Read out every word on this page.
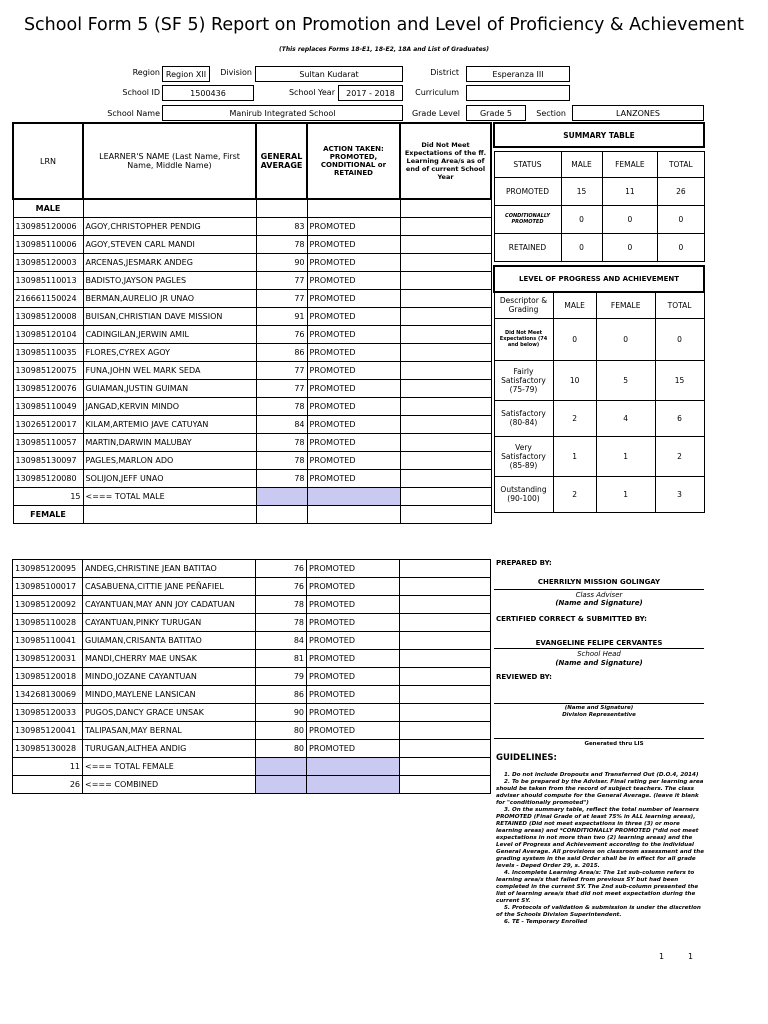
School Form 5 (SF 5) Report on Promotion and Level of Proficiency & Achievement
(This replaces Forms 18-E1, 18-E2, 18A and List of Graduates)
Region Region XII	Division	Sultan Kudarat	District	Esperanza III
School ID	1500436	School Year	2017 - 2018	Curriculum
School Name	Manirub Integrated School	Grade Level	Grade 5	Section	LANZONES
LRN	LEARNER'S NAME (Last Name, First Name, Middle Name)	GENERAL AVERAGE	ACTION TAKEN: PROMOTED, CONDITIONAL or RETAINED	Did Not Meet Expectations of the ff. Learning Area/s as of end of current School Year
MALE				
130985120006	AGOY,CHRISTOPHER PENDIG	83	PROMOTED	
130985110006	AGOY,STEVEN CARL MANDI	78	PROMOTED	
130985120003	ARCENAS,JESMARK ANDEG	90	PROMOTED	
130985110013	BADISTO,JAYSON PAGLES	77	PROMOTED	
216661150024	BERMAN,AURELIO JR UNAO	77	PROMOTED	
130985120008	BUISAN,CHRISTIAN DAVE MISSION	91	PROMOTED	
130985120104	CADINGILAN,JERWIN AMIL	76	PROMOTED	
130985110035	FLORES,CYREX AGOY	86	PROMOTED	
130985120075	FUNA,JOHN WEL MARK SEDA	77	PROMOTED	
130985120076	GUIAMAN,JUSTIN GUIMAN	77	PROMOTED	
130985110049	JANGAD,KERVIN MINDO	78	PROMOTED	
130265120017	KILAM,ARTEMIO JAVE CATUYAN	84	PROMOTED	
130985110057	MARTIN,DARWIN MALUBAY	78	PROMOTED	
130985130097	PAGLES,MARLON ADO	78	PROMOTED	
130985120080	SOLIJON,JEFF UNAO	78	PROMOTED	
15	<=== TOTAL MALE			
FEMALE				
130985120095	ANDEG,CHRISTINE JEAN BATITAO	76	PROMOTED	
130985100017	CASABUENA,CITTIE JANE PEÑAFIEL	76	PROMOTED	
130985120092	CAYANTUAN,MAY ANN JOY CADATUAN	78	PROMOTED	
130985110028	CAYANTUAN,PINKY TURUGAN	78	PROMOTED	
130985110041	GUIAMAN,CRISANTA BATITAO	84	PROMOTED	
130985120031	MANDI,CHERRY MAE UNSAK	81	PROMOTED	
130985120018	MINDO,JOZANE CAYANTUAN	79	PROMOTED	
134268130069	MINDO,MAYLENE LANSICAN	86	PROMOTED	
130985120033	PUGOS,DANCY GRACE UNSAK	90	PROMOTED	
130985120041	TALIPASAN,MAY BERNAL	80	PROMOTED	
130985130028	TURUGAN,ALTHEA ANDIG	80	PROMOTED	
11	<=== TOTAL FEMALE			
26	<=== COMBINED			
SUMMARY TABLE			

STATUS	MALE	FEMALE	TOTAL
PROMOTED	15	11	26
CONDITIONALLY PROMOTED	0	0	0
RETAINED	0	0	0
LEVEL OF PROGRESS AND ACHIEVEMENT			
Descriptor & Grading	MALE	FEMALE	TOTAL
Did Not Meet Expectations (74 and below)	0	0	0
Fairly Satisfactory (75-79)	10	5	15
Satisfactory (80-84)	2	4	6
Very Satisfactory (85-89)	1	1	2
Outstanding (90-100)	2	1	3
PREPARED BY:
CHERRILYN MISSION GOLINGAY
Class Adviser
(Name and Signature)
CERTIFIED CORRECT & SUBMITTED BY:
EVANGELINE FELIPE CERVANTES
School Head
(Name and Signature)
REVIEWED BY:
(Name and Signature)
Division Representative
Generated thru LIS
GUIDELINES:
1. Do not include Dropouts and Transferred Out (D.O.4, 2014)
2. To be prepared by the Adviser. Final rating per learning area should be taken from the record of subject teachers. The class adviser should compute for the General Average. (leave it blank for "conditionally promoted")
3. On the summary table, reflect the total number of learners PROMOTED (Final Grade of at least 75% in ALL learning areas), RETAINED (Did not meet expectations in three (3) or more learning areas) and *CONDITIONALLY PROMOTED (*did not meet expectations in not more than two (2) learning areas) and the Level of Progress and Achievement according to the individual General Average. All provisions on classroom assessment and the grading system in the said Order shall be in effect for all grade levels - Deped Order 29, s. 2015.
4. Incomplete Learning Area/s: The 1st sub-column refers to learning area/s that failed from previous SY but had been completed in the current SY. The 2nd sub-column presented the list of learning area/s that did not meet expectation during the current SY.
5. Protocols of validation & submission is under the discretion of the Schools Division Superintendent.
6. TE - Temporary Enrolled
1	1
